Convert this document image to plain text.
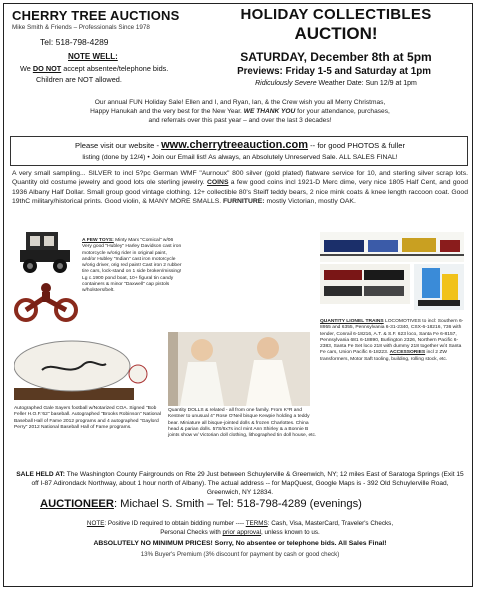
CHERRY TREE AUCTIONS
Mike Smith & Friends – Professionals Since 1978
Tel: 518-798-4289
NOTE WELL:
We DO NOT accept absentee/telephone bids.
Children are NOT allowed.
HOLIDAY COLLECTIBLES
AUCTION!
SATURDAY, December 8th at 5pm
Previews: Friday 1-5 and Saturday at 1pm
Ridiculously Severe Weather Date: Sun 12/9 at 1pm
Our annual FUN Holiday Sale! Ellen and I, and Ryan, Ian, & the Crew wish you all Merry Christmas,
Happy Hanukah and the very best for the New Year. WE THANK YOU for your attendance, purchases,
and referrals over this past year – and over the last 3 decades!
Please visit our website - www.cherrytreeauction.com -- for good PHOTOS & fuller
listing (done by 12/4) • Join our Email list! As always, an Absolutely Unreserved Sale. ALL SALES FINAL!
A very small sampling... SILVER to incl 5?pc German WMF "Aurnoux" 800 silver (gold plated) flatware service for 10, and sterling silver scrap lots. Quantity old costume jewelry and good lots ole sterling jewelry. COINS a few good coins incl 1921-D Merc dime, very nice 1805 Half Cent, and good 1936 Albany Half Dollar. Small group good vintage clothing. 12+ collectible 80's Steiff teddy bears, 2 nice mink coats & knee length raccoon coat. Good 19thC military/historical prints. Good violin, & MANY MORE SMALLS. FURNITURE: mostly Victorian, mostly OAK.
A FEW TOYS: Minty Marx "Comical" w/06 Very good "Hubley" Harley Davidson cast iron motorcycle w/orig rider in original paint, and/or Hubley "Indian" cast iron motorcycle w/orig driver, orig red paint! Cast iron 2 rubber tire cars, lock-stand on 1 side broken/missing! Lg c.1900 pond boat, 10+ figural tin candy containers & minor "Daxwell" cap pistols w/holsters/belt.
QUANTITY LIONEL TRAINS LOCOMOTIVES to incl: Southern 6-8955 and 6355, Pennsylvania 6-31-2340, CSX-6-18216, 736 with tender, Conrail 6-18216, A.T. & S.F. 623 loco, Santa Fe 6-8157, Pennsylvania 681 6-18890, Burlington 2326, Northern Pacific 6-2383, Santa Fe Set loco 218 with dummy 218 together w/4 Santa Fe cars, Union Pacific 6-18223. ACCESSORIES incl 2 ZW transformers, Motor Saft tooling, building, rolling stock, etc.
Autographed Gale Sayers football w/Notarized COA. Signed "Bob Feller H.O.F.'62" baseball. Autographed "Brooks Robinson" National Baseball Hall of Fame 2012 programs and 4 autographed "Gaylord Perry" 2012 National Baseball Hall of Fame programs.
Quantity DOLLS & related - all from one family. From K*R and Kestner to unusual 4" Rose O'Neil bisque Kewpie holding a teddy bear. Miniature all bisque-jointed dolls & frozen Charlottes. China head & parian dolls. 57S/6x7s incl mint Ann Shirley & a Bonnie B joints show w/ Victorian doll clothing, lithographed tin doll house, etc.
SALE HELD AT: The Washington County Fairgrounds on Rte 29 Just between Schuylerville & Greenwich, NY; 12 miles East of Saratoga Springs (Exit 15 off I-87 Adirondack Northway, about 1 hour north of Albany). The actual address -- for MapQuest, Google Maps is - 392 Old Schuylerville Road, Greenwich, NY 12834.
AUCTIONEER: Michael S. Smith – Tel: 518-798-4289 (evenings)
NOTE: Positive ID required to obtain bidding number ---- TERMS: Cash, Visa, MasterCard, Traveler's Checks,
Personal Checks with prior approval, unless known to us.
ABSOLUTELY NO MINIMUM PRICES! Sorry, No absentee or telephone bids. All Sales Final!
13% Buyer's Premium (3% discount for payment by cash or good check)
